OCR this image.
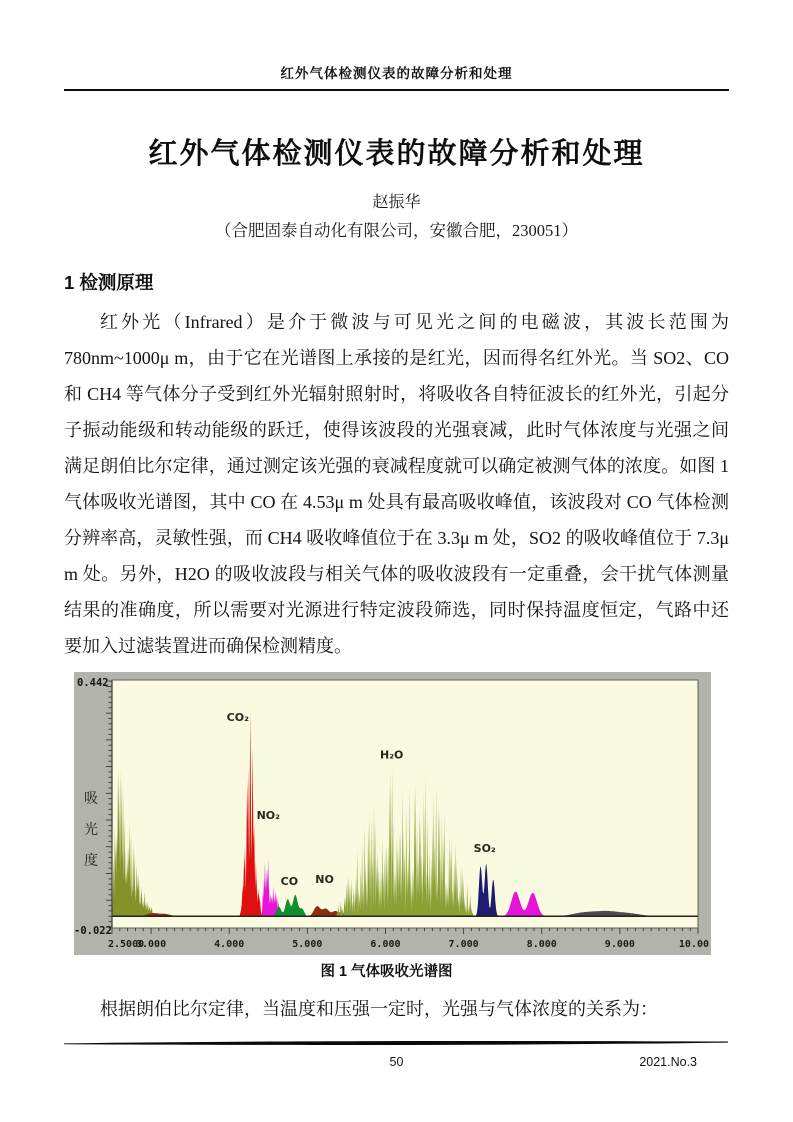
红外气体检测仪表的故障分析和处理
红外气体检测仪表的故障分析和处理
赵振华
（合肥固泰自动化有限公司，安徽合肥，230051）
1 检测原理

红外光（Infrared）是介于微波与可见光之间的电磁波，其波长范围为 780nm~1000μ m，由于它在光谱图上承接的是红光，因而得名红外光。当 SO2、CO 和 CH4 等气体分子受到红外光辐射照射时，将吸收各自特征波长的红外光，引起分子振动能级和转动能级的跃迁，使得该波段的光强衰减，此时气体浓度与光强之间满足朗伯比尔定律，通过测定该光强的衰减程度就可以确定被测气体的浓度。如图 1 气体吸收光谱图，其中 CO 在 4.53μ m 处具有最高吸收峰值，该波段对 CO 气体检测分辨率高，灵敏性强，而 CH4 吸收峰值位于在 3.3μ m 处，SO2 的吸收峰值位于 7.3μ m 处。另外，H2O 的吸收波段与相关气体的吸收波段有一定重叠，会干扰气体测量结果的准确度，所以需要对光源进行特定波段筛选，同时保持温度恒定，气路中还要加入过滤装置进而确保检测精度。

CO₂
NO₂
CO NO
H₂O
SO₂
0.442
-0.022
吸
光
度
2.5000
3.000	4.000	5.000	6.000	7.000	8.000	9.000	10.00
图 1 气体吸收光谱图

根据朗伯比尔定律，当温度和压强一定时，光强与气体浓度的关系为：

50	2021.No.3
